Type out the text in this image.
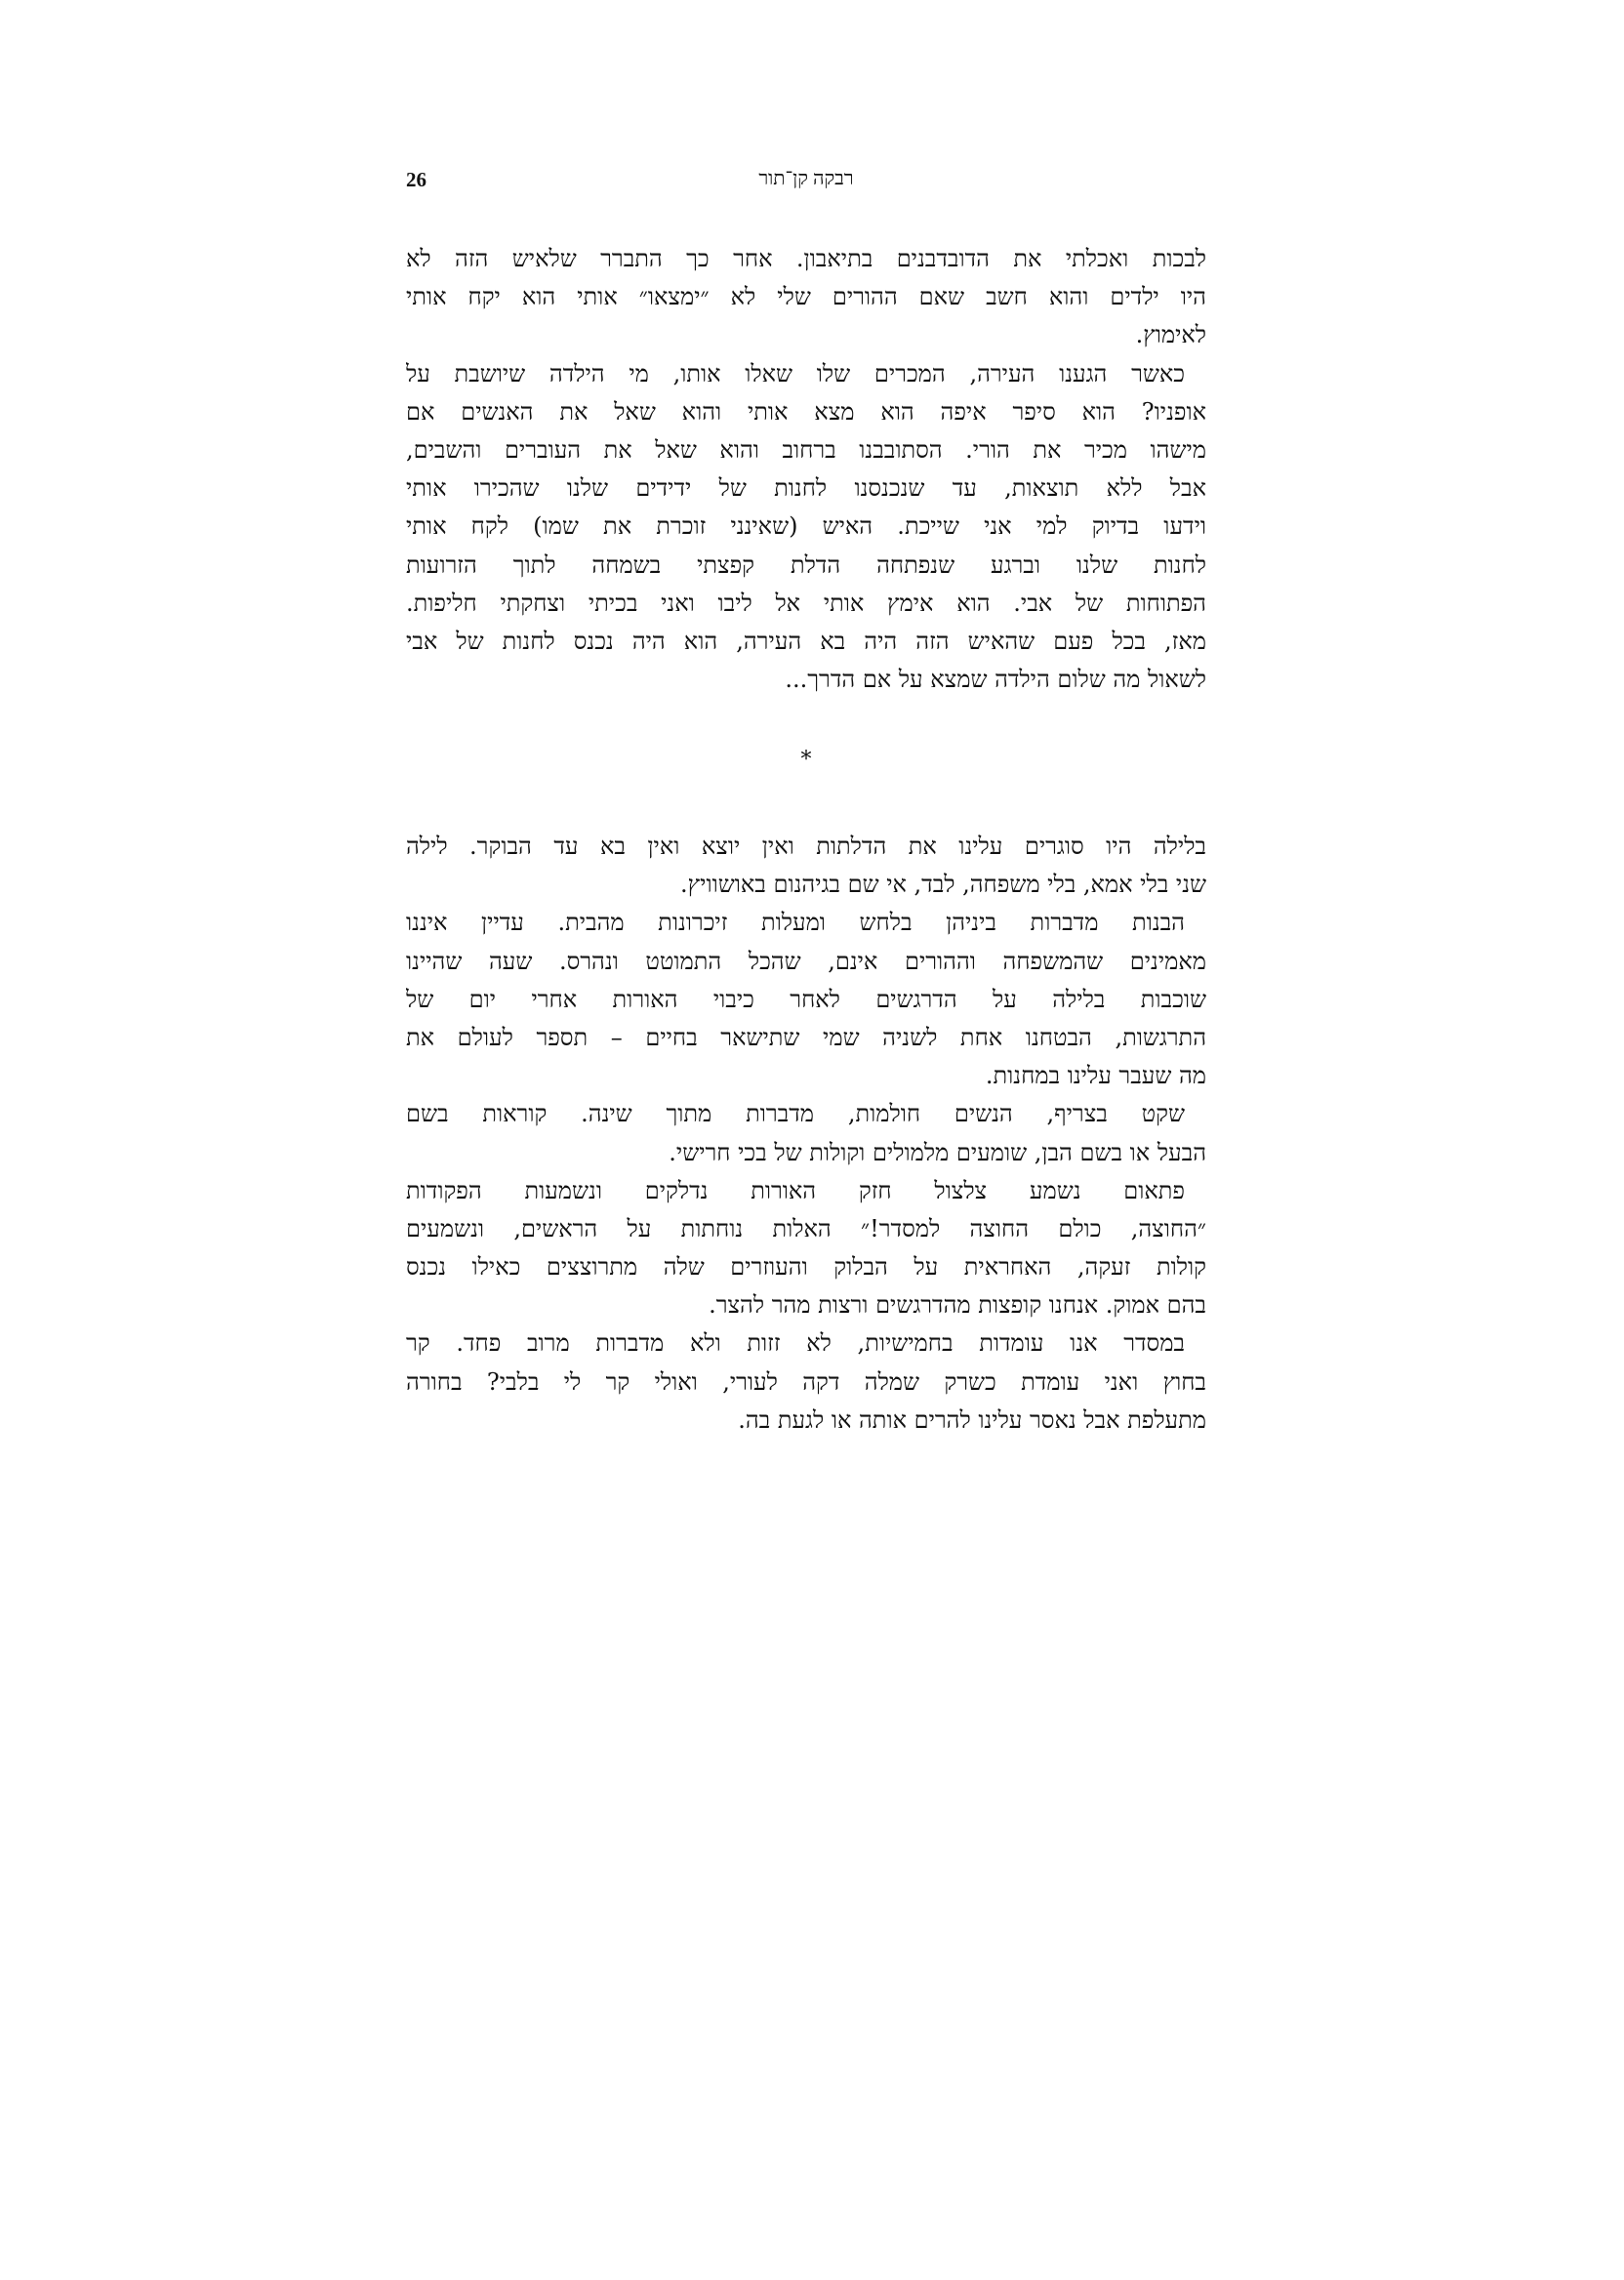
26	רבקה קן־תור
לבכות ואכלתי את הדובדבנים בתיאבון. אחר כך התברר שלאיש הזה לא
היו ילדים והוא חשב שאם ההורים שלי לא ״ימצאו״ אותי הוא יקח אותי
לאימוץ.
כאשר הגענו העירה, המכרים שלו שאלו אותו, מי הילדה שיושבת על
אופניו? הוא סיפר איפה הוא מצא אותי והוא שאל את האנשים אם
מישהו מכיר את הורי. הסתובבנו ברחוב והוא שאל את העוברים והשבים,
אבל ללא תוצאות, עד שנכנסנו לחנות של ידידים שלנו שהכירו אותי
וידעו בדיוק למי אני שייכת. האיש (שאינני זוכרת את שמו) לקח אותי
לחנות שלנו וברגע שנפתחה הדלת קפצתי בשמחה לתוך הזרועות
הפתוחות של אבי. הוא אימץ אותי אל ליבו ואני בכיתי וצחקתי חליפות.
מאז, בכל פעם שהאיש הזה היה בא העירה, הוא היה נכנס לחנות של אבי
לשאול מה שלום הילדה שמצא על אם הדרך...
*
בלילה היו סוגרים עלינו את הדלתות ואין יוצא ואין בא עד הבוקר. לילה
שני בלי אמא, בלי משפחה, לבד, אי שם בגיהנום באושוויץ.
הבנות מדברות ביניהן בלחש ומעלות זיכרונות מהבית. עדיין איננו
מאמינים שהמשפחה וההורים אינם, שהכל התמוטט ונהרס. שעה שהיינו
שוכבות בלילה על הדרגשים לאחר כיבוי האורות אחרי יום של
התרגשות, הבטחנו אחת לשניה שמי שתישאר בחיים – תספר לעולם את
מה שעבר עלינו במחנות.
שקט בצריף, הנשים חולמות, מדברות מתוך שינה. קוראות בשם
הבעל או בשם הבן, שומעים מלמולים וקולות של בכי חרישי.
פתאום נשמע צלצול חזק האורות נדלקים ונשמעות הפקודות
״החוצה, כולם החוצה למסדר!״ האלות נוחתות על הראשים, ונשמעים
קולות זעקה, האחראית על הבלוק והעוזרים שלה מתרוצצים כאילו נכנס
בהם אמוק. אנחנו קופצות מהדרגשים ורצות מהר להצר.
במסדר אנו עומדות בחמישיות, לא זזות ולא מדברות מרוב פחד. קר
בחוץ ואני עומדת כשרק שמלה דקה לעורי, ואולי קר לי בלבי? בחורה
מתעלפת אבל נאסר עלינו להרים אותה או לגעת בה.
